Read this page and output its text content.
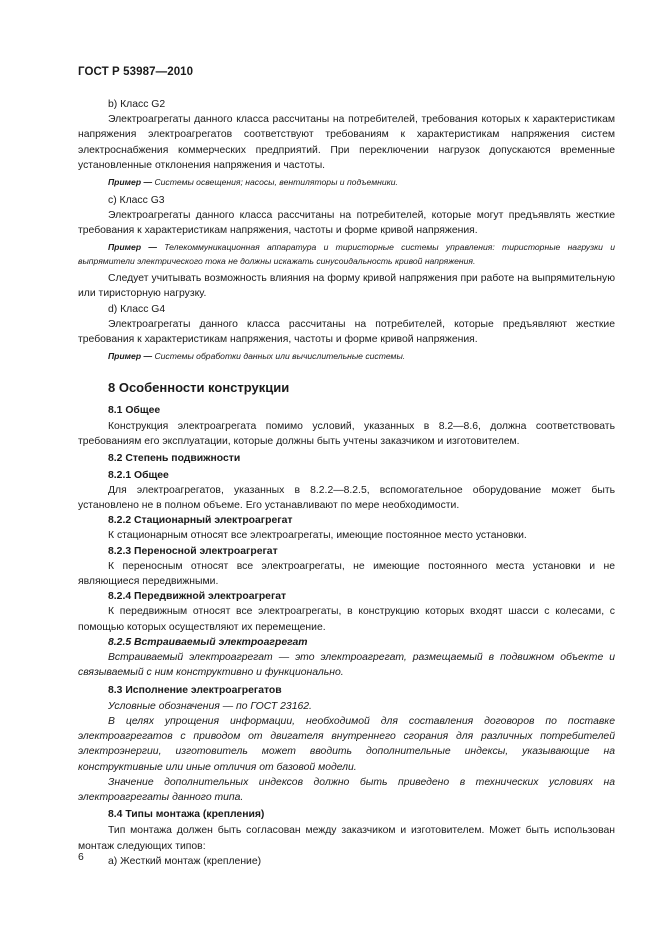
ГОСТ Р 53987—2010

b) Класс G2

Электроагрегаты данного класса рассчитаны на потребителей, требования которых к характеристикам напряжения электроагрегатов соответствуют требованиям к характеристикам напряжения систем электроснабжения коммерческих предприятий. При переключении нагрузок допускаются временные установленные отклонения напряжения и частоты.

Пример — Системы освещения; насосы, вентиляторы и подъемники.

c) Класс G3

Электроагрегаты данного класса рассчитаны на потребителей, которые могут предъявлять жесткие требования к характеристикам напряжения, частоты и форме кривой напряжения.

Пример — Телекоммуникационная аппаратура и тиристорные системы управления: тиристорные нагрузки и выпрямители электрического тока не должны искажать синусоидальность кривой напряжения.

Следует учитывать возможность влияния на форму кривой напряжения при работе на выпрямительную или тиристорную нагрузку.

d) Класс G4

Электроагрегаты данного класса рассчитаны на потребителей, которые предъявляют жесткие требования к характеристикам напряжения, частоты и форме кривой напряжения.

Пример — Системы обработки данных или вычислительные системы.

8 Особенности конструкции

8.1 Общее

Конструкция электроагрегата помимо условий, указанных в 8.2—8.6, должна соответствовать требованиям его эксплуатации, которые должны быть учтены заказчиком и изготовителем.

8.2 Степень подвижности

8.2.1 Общее

Для электроагрегатов, указанных в 8.2.2—8.2.5, вспомогательное оборудование может быть установлено не в полном объеме. Его устанавливают по мере необходимости.

8.2.2 Стационарный электроагрегат

К стационарным относят все электроагрегаты, имеющие постоянное место установки.

8.2.3 Переносной электроагрегат

К переносным относят все электроагрегаты, не имеющие постоянного места установки и не являющиеся передвижными.

8.2.4 Передвижной электроагрегат

К передвижным относят все электроагрегаты, в конструкцию которых входят шасси с колесами, с помощью которых осуществляют их перемещение.

8.2.5 Встраиваемый электроагрегат

Встраиваемый электроагрегат — это электроагрегат, размещаемый в подвижном объекте и связываемый с ним конструктивно и функционально.

8.3 Исполнение электроагрегатов

Условные обозначения — по ГОСТ 23162.

В целях упрощения информации, необходимой для составления договоров по поставке электроагрегатов с приводом от двигателя внутреннего сгорания для различных потребителей электроэнергии, изготовитель может вводить дополнительные индексы, указывающие на конструктивные или иные отличия от базовой модели.

Значение дополнительных индексов должно быть приведено в технических условиях на электроагрегаты данного типа.

8.4 Типы монтажа (крепления)

Тип монтажа должен быть согласован между заказчиком и изготовителем. Может быть использован монтаж следующих типов:

a) Жесткий монтаж (крепление)

6
